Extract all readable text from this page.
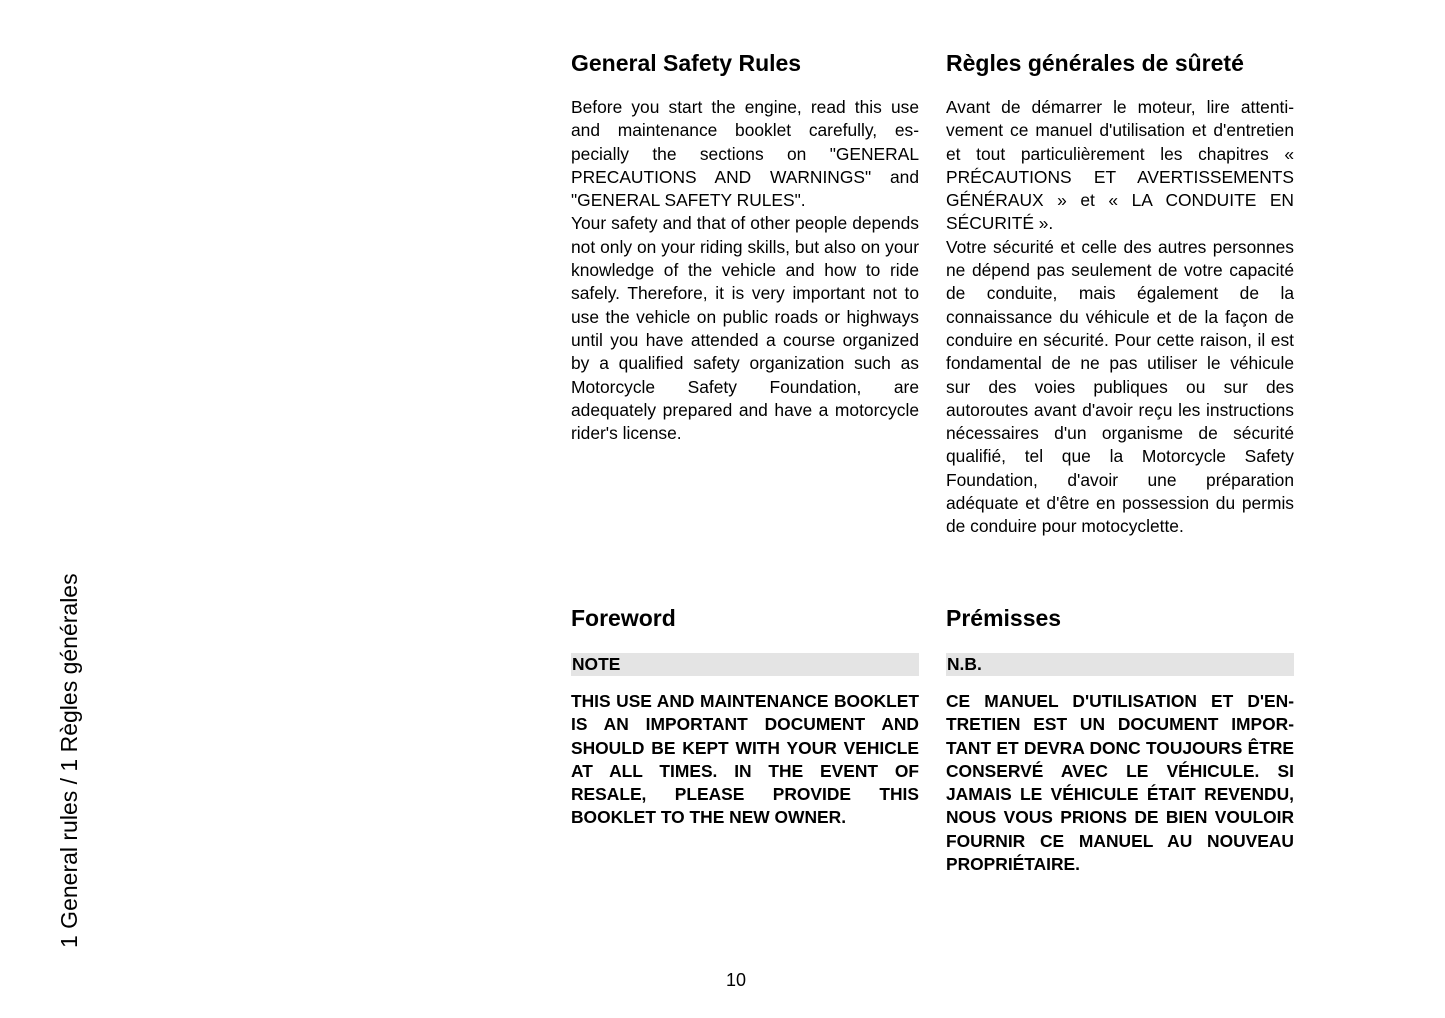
1 General rules / 1 Règles générales
General Safety Rules

Before you start the engine, read this use and maintenance booklet carefully, especially the sections on "GENERAL PRECAUTIONS AND WARNINGS" and "GENERAL SAFETY RULES".

Your safety and that of other people depends not only on your riding skills, but also on your knowledge of the vehicle and how to ride safely. Therefore, it is very important not to use the vehicle on public roads or highways until you have attended a course organized by a qualified safety organization such as Motorcycle Safety Foundation, are adequately prepared and have a motorcycle rider's license.

Règles générales de sûreté

Avant de démarrer le moteur, lire attentivement ce manuel d'utilisation et d'entretien et tout particulièrement les chapitres « PRÉCAUTIONS ET AVERTISSEMENTS GÉNÉRAUX » et « LA CONDUITE EN SÉCURITÉ ».

Votre sécurité et celle des autres personnes ne dépend pas seulement de votre capacité de conduite, mais également de la connaissance du véhicule et de la façon de conduire en sécurité. Pour cette raison, il est fondamental de ne pas utiliser le véhicule sur des voies publiques ou sur des autoroutes avant d'avoir reçu les instructions nécessaires d'un organisme de sécurité qualifié, tel que la Motorcycle Safety Foundation, d'avoir une préparation adéquate et d'être en possession du permis de conduire pour motocyclette.

Foreword
NOTE

THIS USE AND MAINTENANCE BOOKLET IS AN IMPORTANT DOCUMENT AND SHOULD BE KEPT WITH YOUR VEHICLE AT ALL TIMES. IN THE EVENT OF RESALE, PLEASE PROVIDE THIS BOOKLET TO THE NEW OWNER.

Prémisses
N.B.

CE MANUEL D'UTILISATION ET D'ENTRETIEN EST UN DOCUMENT IMPORTANT ET DEVRA DONC TOUJOURS ÊTRE CONSERVÉ AVEC LE VÉHICULE. SI JAMAIS LE VÉHICULE ÉTAIT REVENDU, NOUS VOUS PRIONS DE BIEN VOULOIR FOURNIR CE MANUEL AU NOUVEAU PROPRIÉTAIRE.

10
